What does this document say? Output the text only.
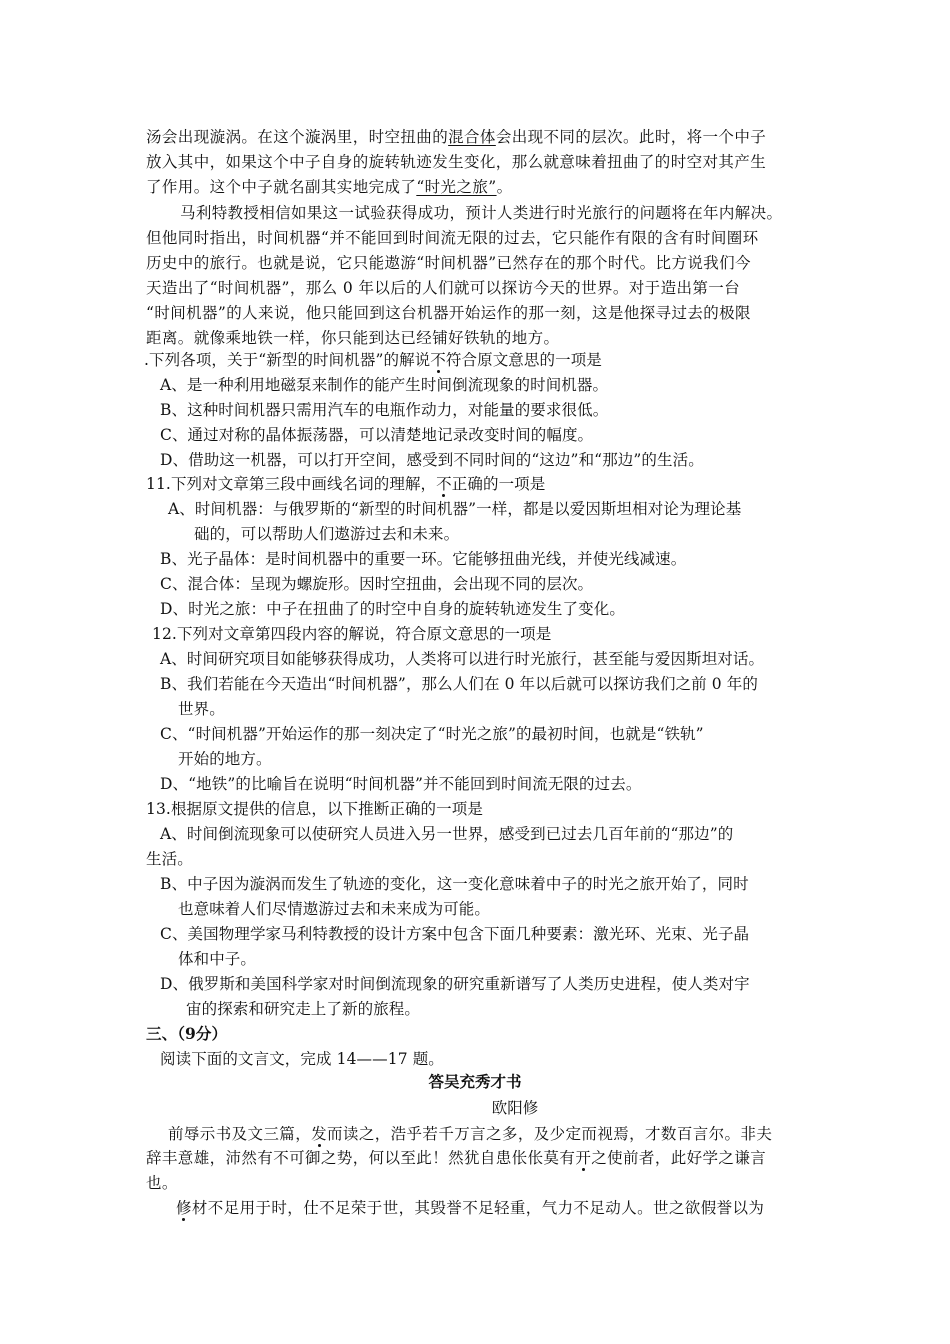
汤会出现漩涡。在这个漩涡里，时空扭曲的混合体会出现不同的层次。此时，将一个中子
放入其中，如果这个中子自身的旋转轨迹发生变化，那么就意味着扭曲了的时空对其产生
了作用。这个中子就名副其实地完成了“时光之旅”。
马利特教授相信如果这一试验获得成功，预计人类进行时光旅行的问题将在年内解决。
但他同时指出，时间机器“并不能回到时间流无限的过去，它只能作有限的含有时间圈环
历史中的旅行。也就是说，它只能遨游“时间机器”已然存在的那个时代。比方说我们今
天造出了“时间机器”，那么 0 年以后的人们就可以探访今天的世界。对于造出第一台
“时间机器”的人来说，他只能回到这台机器开始运作的那一刻，这是他探寻过去的极限
距离。就像乘地铁一样，你只能到达已经铺好铁轨的地方。
.下列各项，关于“新型的时间机器”的解说不符合原文意思的一项是
A、是一种利用地磁泵来制作的能产生时间倒流现象的时间机器。
B、这种时间机器只需用汽车的电瓶作动力，对能量的要求很低。
C、通过对称的晶体振荡器，可以清楚地记录改变时间的幅度。
D、借助这一机器，可以打开空间，感受到不同时间的“这边”和“那边”的生活。
11.下列对文章第三段中画线名词的理解，不正确的一项是
A、时间机器：与俄罗斯的“新型的时间机器”一样，都是以爱因斯坦相对论为理论基
础的，可以帮助人们遨游过去和未来。
B、光子晶体：是时间机器中的重要一环。它能够扭曲光线，并使光线减速。
C、混合体：呈现为螺旋形。因时空扭曲，会出现不同的层次。
D、时光之旅：中子在扭曲了的时空中自身的旋转轨迹发生了变化。
12.下列对文章第四段内容的解说，符合原文意思的一项是
A、时间研究项目如能够获得成功，人类将可以进行时光旅行，甚至能与爱因斯坦对话。
B、我们若能在今天造出“时间机器”，那么人们在 0 年以后就可以探访我们之前 0 年的
世界。
C、“时间机器”开始运作的那一刻决定了“时光之旅”的最初时间，也就是“铁轨”
开始的地方。
D、“地铁”的比喻旨在说明“时间机器”并不能回到时间流无限的过去。
13.根据原文提供的信息，以下推断正确的一项是
A、时间倒流现象可以使研究人员进入另一世界，感受到已过去几百年前的“那边”的
生活。
B、中子因为漩涡而发生了轨迹的变化，这一变化意味着中子的时光之旅开始了，同时
也意味着人们尽情遨游过去和未来成为可能。
C、美国物理学家马利特教授的设计方案中包含下面几种要素：激光环、光束、光子晶
体和中子。
D、俄罗斯和美国科学家对时间倒流现象的研究重新谱写了人类历史进程，使人类对宇
宙的探索和研究走上了新的旅程。
三、（9分）
阅读下面的文言文，完成 14——17 题。
答吴充秀才书
欧阳修
前辱示书及文三篇，发而读之，浩乎若千万言之多，及少定而视焉，才数百言尔。非夫
辞丰意雄，沛然有不可御之势，何以至此！然犹自患伥伥莫有开之使前者，此好学之谦言
也。
修材不足用于时，仕不足荣于世，其毁誉不足轻重，气力不足动人。世之欲假誉以为
